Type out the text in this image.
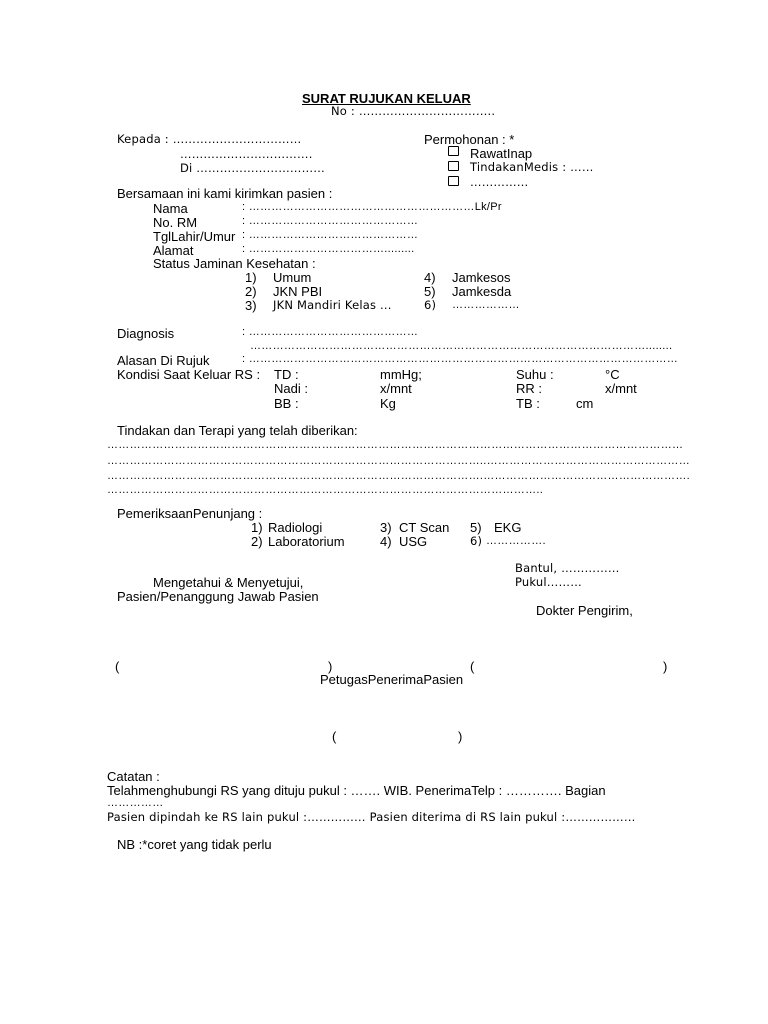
SURAT RUJUKAN KELUAR
No : ……………………………..
Kepada : ……………………………
…………………………….
Di ……………………………
Permohonan : *
RawatInap
TindakanMedis : ……
……………
Bersamaan ini kami kirimkan pasien :
Nama	: ……………………………………………………Lk/Pr
No. RM	: ………………………………………
TglLahir/Umur : ………………………………………
Alamat	: ……………………………….........
Status Jaminan Kesehatan :
1) Umum
2) JKN PBI
3) JKN Mandiri Kelas ...
4) Jamkesos
5) Jamkesda
6) ………………
Diagnosis	: ………………………………………
……………………………………………………………………………………………........
Alasan Di Rujuk	: ……………………………………………………………………………………………………
Kondisi Saat Keluar RS : TD :	mmHg;	Suhu :	°C
Nadi :	x/mnt	RR :	x/mnt
BB :	Kg	TB :	cm
Tindakan dan Terapi yang telah diberikan:
………………………………………………………………………………………………………………………………………
………………………………………………………………………………………..………………………………………………
……………………………………………………………………………………….……………………………………………….
……………………………………………………………………………………………………..
PemeriksaanPenunjang :
1) Radiologi
2) Laboratorium
3) CT Scan
4) USG
5) EKG
6) …………….
Bantul, ……………
Pukul………
Mengetahui & Menyetujui,
Pasien/Penanggung Jawab Pasien
Dokter Pengirim,
(	)	(	)
PetugasPenerimaPasien
(	)
Catatan :
Telahmenghubungi RS yang dituju pukul : ……. WIB. PenerimaTelp : …………. Bagian
……………
Pasien dipindah ke RS lain pukul :…………… Pasien diterima di RS lain pukul :………………
NB :*coret yang tidak perlu
